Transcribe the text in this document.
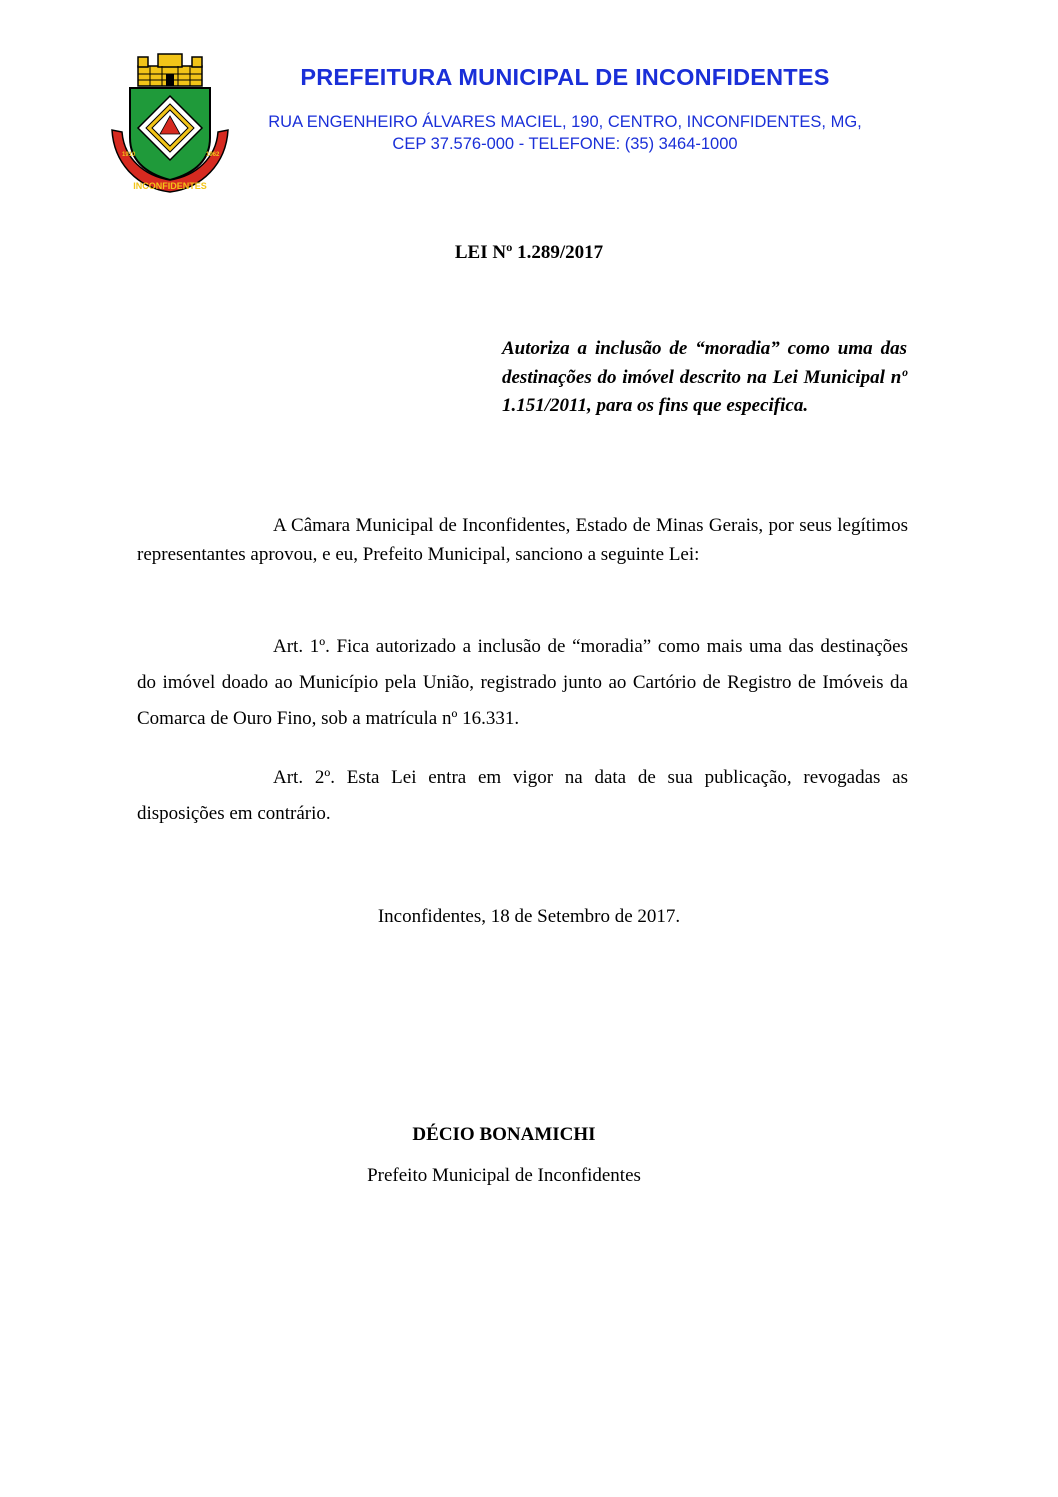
INCONFIDENTES
1910	1962
PREFEITURA MUNICIPAL DE INCONFIDENTES
RUA ENGENHEIRO ÁLVARES MACIEL, 190, CENTRO, INCONFIDENTES, MG,
CEP 37.576-000 - TELEFONE: (35) 3464-1000
LEI Nº 1.289/2017
Autoriza a inclusão de “moradia” como uma das destinações do imóvel descrito na Lei Municipal nº 1.151/2011, para os fins que especifica.

A Câmara Municipal de Inconfidentes, Estado de Minas Gerais, por seus legítimos representantes aprovou, e eu, Prefeito Municipal, sanciono a seguinte Lei:

Art. 1º. Fica autorizado a inclusão de “moradia” como mais uma das destinações do imóvel doado ao Município pela União, registrado junto ao Cartório de Registro de Imóveis da Comarca de Ouro Fino, sob a matrícula nº 16.331.

Art. 2º. Esta Lei entra em vigor na data de sua publicação, revogadas as disposições em contrário.

Inconfidentes, 18 de Setembro de 2017.
DÉCIO BONAMICHI
Prefeito Municipal de Inconfidentes
